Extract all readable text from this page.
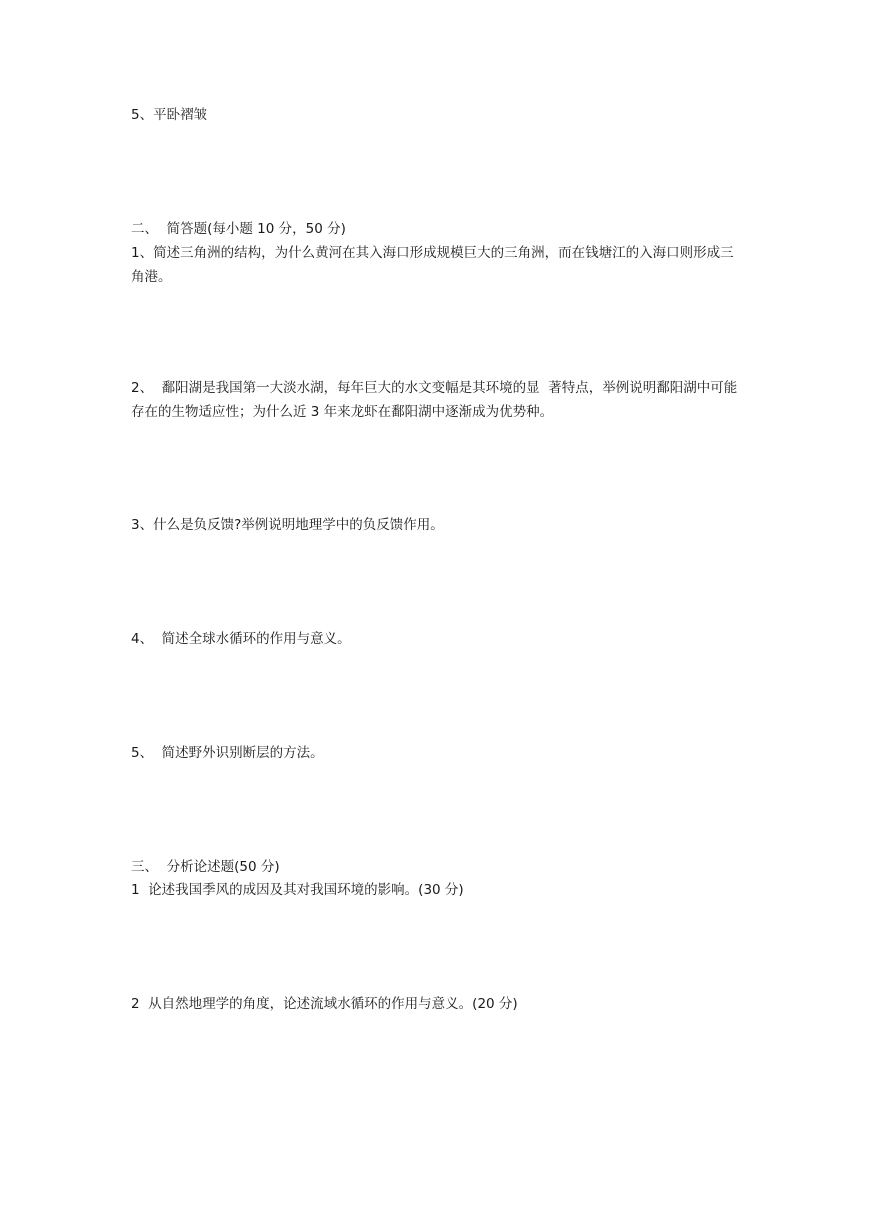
5、平卧褶皱
二、  简答题(每小题 10 分，50 分)
1、简述三角洲的结构，为什么黄河在其入海口形成规模巨大的三角洲，而在钱塘江的入海口则形成三角港。
2、  鄱阳湖是我国第一大淡水湖，每年巨大的水文变幅是其环境的显  著特点，举例说明鄱阳湖中可能存在的生物适应性；为什么近 3 年来龙虾在鄱阳湖中逐渐成为优势种。
3、什么是负反馈?举例说明地理学中的负反馈作用。
4、  简述全球水循环的作用与意义。
5、  简述野外识别断层的方法。
三、  分析论述题(50 分)
1  论述我国季风的成因及其对我国环境的影响。(30 分)
2  从自然地理学的角度，论述流域水循环的作用与意义。(20 分)
